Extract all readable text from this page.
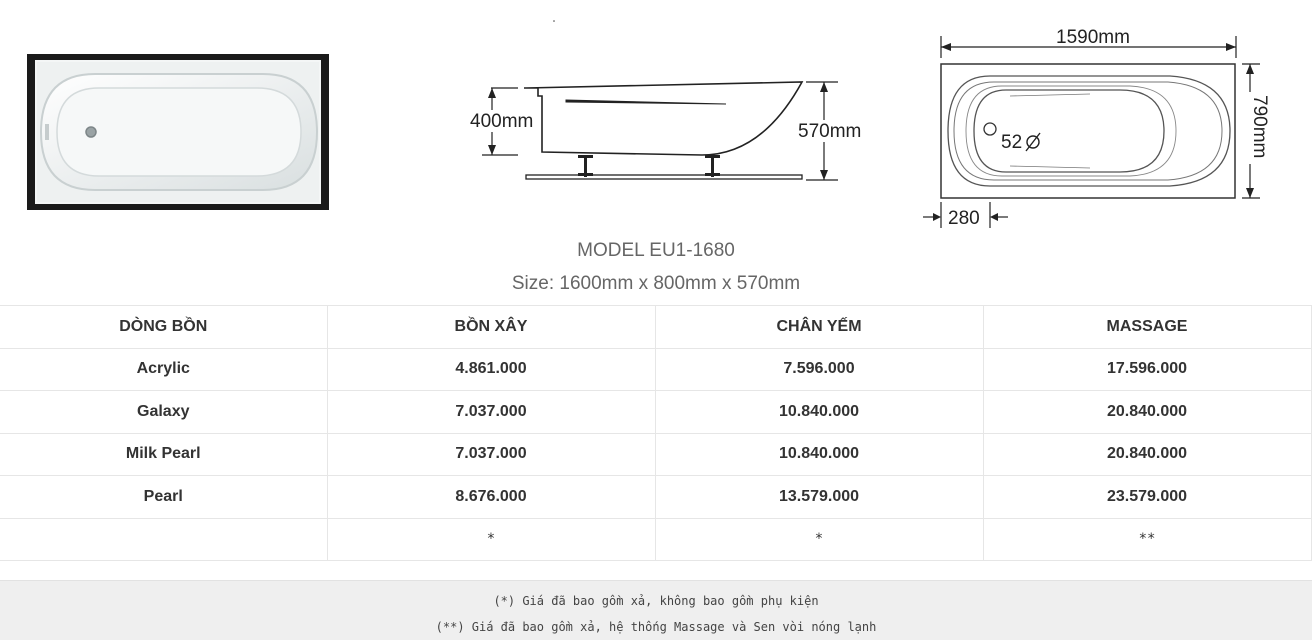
400mm	570mm
1590mm
52	790mm
280
MODEL EU1-1680
Size: 1600mm x 800mm x 570mm
DÒNG BỒN	BỒN XÂY	CHÂN YẾM	MASSAGE
Acrylic	4.861.000	7.596.000	17.596.000
Galaxy	7.037.000	10.840.000	20.840.000
Milk Pearl	7.037.000	10.840.000	20.840.000
Pearl	8.676.000	13.579.000	23.579.000
	*	*	**

(*) Giá đã bao gồm xả, không bao gồm phụ kiện

(**) Giá đã bao gồm xả, hệ thống Massage và Sen vòi nóng lạnh
